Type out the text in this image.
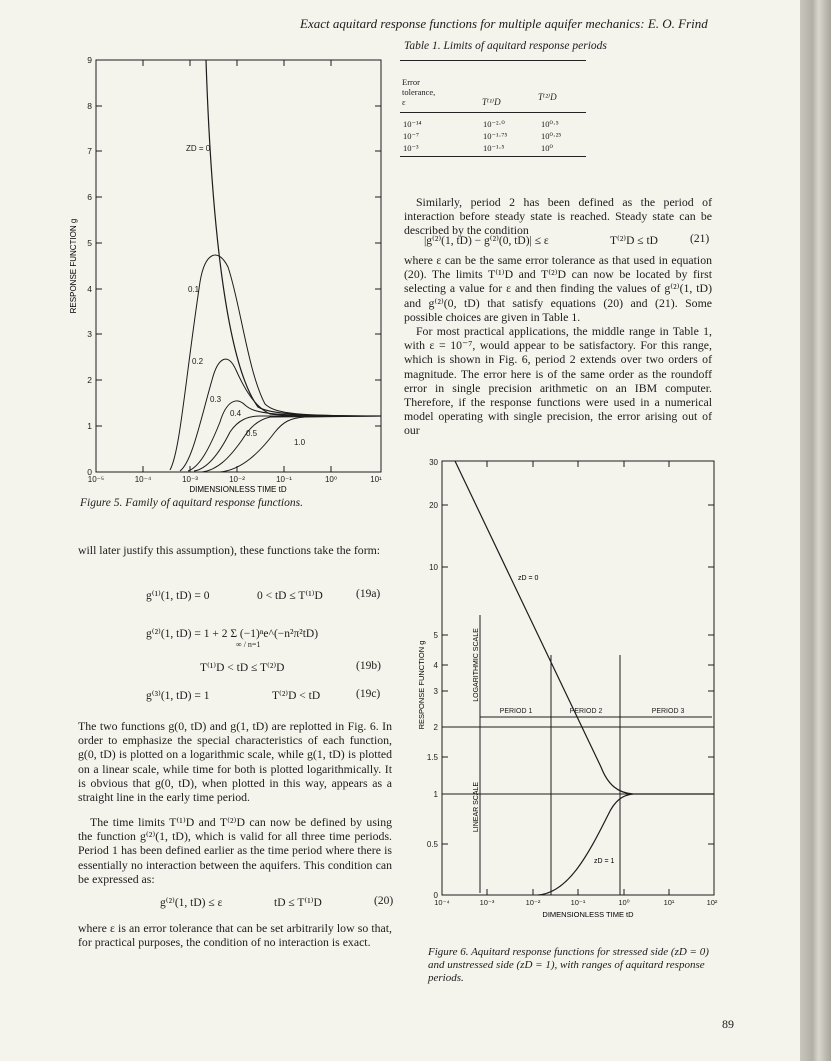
Exact aquitard response functions for multiple aquifer mechanics: E. O. Frind
0
1
2
3
4
5
6
7
8
9
10⁻⁵	10⁻⁴	10⁻³	10⁻²	10⁻¹	10⁰	10¹
DIMENSIONLESS TIME tD
RESPONSE FUNCTION g
ZD = 0
0.1
0.2
0.3
0.4
0.5
1.0
Figure 5. Family of aquitard response functions.
will later justify this assumption), these functions take the form:
g⁽¹⁾(1, tD) = 0	0 < tD ≤ T⁽¹⁾D	(19a)
g⁽²⁾(1, tD) = 1 + 2 Σ (−1)ⁿe^(−n²π²tD)
∞ / n=1
T⁽¹⁾D < tD ≤ T⁽²⁾D	(19b)
g⁽³⁾(1, tD) = 1	T⁽²⁾D < tD	(19c)
The two functions g(0, tD) and g(1, tD) are replotted in Fig. 6. In order to emphasize the special characteristics of each function, g(0, tD) is plotted on a logarithmic scale, while g(1, tD) is plotted on a linear scale, while time for both is plotted logarithmically. It is obvious that g(0, tD), when plotted in this way, appears as a straight line in the early time period.
The time limits T⁽¹⁾D and T⁽²⁾D can now be defined by using the function g⁽²⁾(1, tD), which is valid for all three time periods. Period 1 has been defined earlier as the time period where there is essentially no interaction between the aquifers. This condition can be expressed as:
g⁽²⁾(1, tD) ≤ ε	tD ≤ T⁽¹⁾D	(20)
where ε is an error tolerance that can be set arbitrarily low so that, for practical purposes, the condition of no interaction is exact.
Table 1. Limits of aquitard response periods
Error
tolerance,
ε	T⁽¹⁾D	T⁽²⁾D
10⁻¹⁴	10⁻²·⁰	10⁰·⁵
10⁻⁷	10⁻¹·⁷⁵	10⁰·²⁵
10⁻³	10⁻¹·⁵	10⁰
Similarly, period 2 has been defined as the period of interaction before steady state is reached. Steady state can be described by the condition
|g⁽²⁾(1, tD) − g⁽²⁾(0, tD)| ≤ ε	T⁽²⁾D ≤ tD	(21)
where ε can be the same error tolerance as that used in equation (20). The limits T⁽¹⁾D and T⁽²⁾D can now be located by first selecting a value for ε and then finding the values of g⁽²⁾(1, tD) and g⁽²⁾(0, tD) that satisfy equations (20) and (21). Some possible choices are given in Table 1.
For most practical applications, the middle range in Table 1, with ε = 10⁻⁷, would appear to be satisfactory. For this range, which is shown in Fig. 6, period 2 extends over two orders of magnitude. The error here is of the same order as the roundoff error in single precision arithmetic on an IBM computer. Therefore, if the response functions were used in a numerical model operating with single precision, the error arising out of our
0
0.5
1
1.5
2
3
4
5
10
20
30
10⁻⁴	10⁻³	10⁻²	10⁻¹	10⁰	10¹	10²
DIMENSIONLESS TIME tD
RESPONSE FUNCTION g	LOGARITHMIC SCALE
LINEAR SCALE
PERIOD 1	PERIOD 2	PERIOD 3
zD = 0
zD = 1
Figure 6. Aquitard response functions for stressed side (zD = 0) and unstressed side (zD = 1), with ranges of aquitard response periods.
89
